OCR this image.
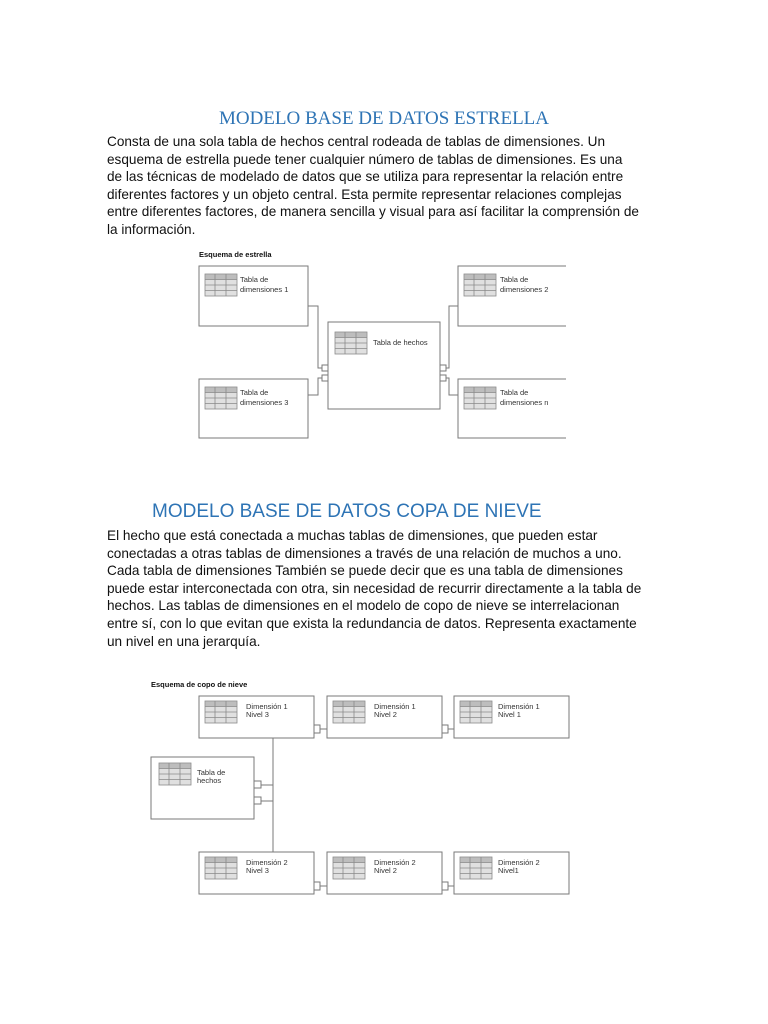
MODELO BASE DE DATOS ESTRELLA
Consta de una sola tabla de hechos central rodeada de tablas de dimensiones. Un
esquema de estrella puede tener cualquier número de tablas de dimensiones. Es una
de las técnicas de modelado de datos que se utiliza para representar la relación entre
diferentes factores y un objeto central. Esta permite representar relaciones complejas
entre diferentes factores, de manera sencilla y visual para así facilitar la comprensión de
la información.
Esquema de estrella
Tabla de
dimensiones 1
Tabla de
dimensiones 2
Tabla de hechos
Tabla de
dimensiones 3
Tabla de
dimensiones n
Esquema de copo de nieve
Dimensión 1
Nivel 3
Dimensión 1
Nivel 2
Dimensión 1
Nivel 1
Tabla de
hechos
Dimensión 2
Nivel 3
Dimensión 2
Nivel 2
Dimensión 2
Nivel1
MODELO BASE DE DATOS COPA DE NIEVE
El hecho que está conectada a muchas tablas de dimensiones, que pueden estar
conectadas a otras tablas de dimensiones a través de una relación de muchos a uno.
Cada tabla de dimensiones También se puede decir que es una tabla de dimensiones
puede estar interconectada con otra, sin necesidad de recurrir directamente a la tabla de
hechos. Las tablas de dimensiones en el modelo de copo de nieve se interrelacionan
entre sí, con lo que evitan que exista la redundancia de datos. Representa exactamente
un nivel en una jerarquía.
